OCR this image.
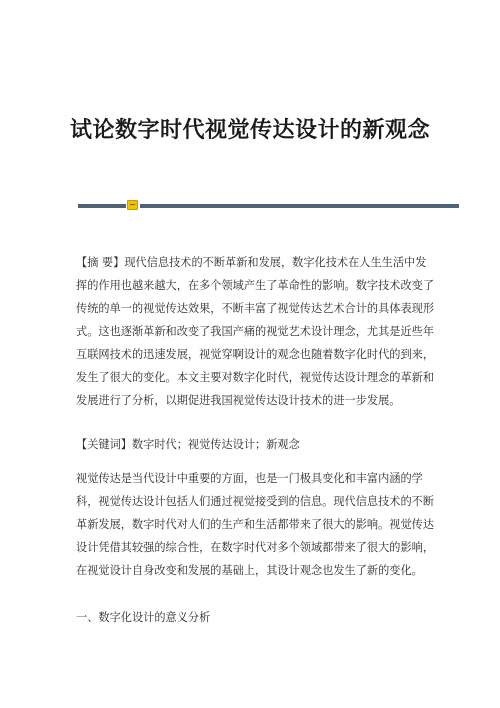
试论数字时代视觉传达设计的新观念

【摘 要】现代信息技术的不断革新和发展，数字化技术在人生生活中发挥的作用也越来越大，在多个领域产生了革命性的影响。数字技术改变了传统的单一的视觉传达效果，不断丰富了视觉传达艺术合计的具体表现形式。这也逐渐革新和改变了我国产痛的视觉艺术设计理念，尤其是近些年互联网技术的迅速发展，视觉穿啊设计的观念也随着数字化时代的到来，发生了很大的变化。本文主要对数字化时代，视觉传达设计理念的革新和发展进行了分析，以期促进我国视觉传达设计技术的进一步发展。

【关键词】数字时代；视觉传达设计；新观念

视觉传达是当代设计中重要的方面，也是一门极具变化和丰富内涵的学科，视觉传达设计包括人们通过视觉接受到的信息。现代信息技术的不断革新发展，数字时代对人们的生产和生活都带来了很大的影响。视觉传达设计凭借其较强的综合性，在数字时代对多个领域都带来了很大的影响，在视觉设计自身改变和发展的基础上，其设计观念也发生了新的变化。

一、数字化设计的意义分析
